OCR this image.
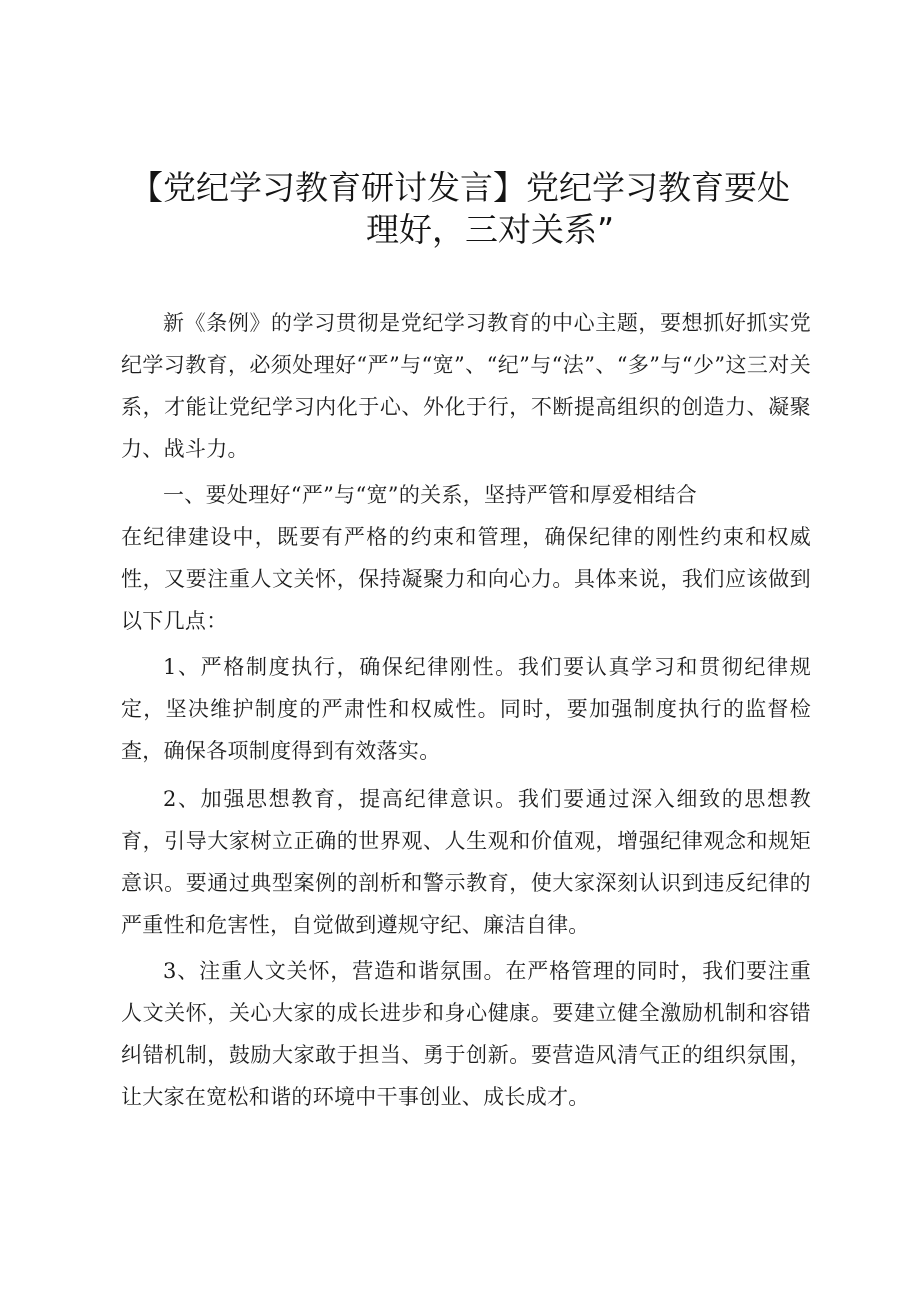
【党纪学习教育研讨发言】党纪学习教育要处
理好，三对关系”

新《条例》的学习贯彻是党纪学习教育的中心主题，要想抓好抓实党纪学习教育，必须处理好“严”与“宽”、“纪”与“法”、“多”与“少”这三对关系，才能让党纪学习内化于心、外化于行，不断提高组织的创造力、凝聚力、战斗力。

一、要处理好“严”与“宽”的关系，坚持严管和厚爱相结合

在纪律建设中，既要有严格的约束和管理，确保纪律的刚性约束和权威性，又要注重人文关怀，保持凝聚力和向心力。具体来说，我们应该做到以下几点：

1、严格制度执行，确保纪律刚性。我们要认真学习和贯彻纪律规定，坚决维护制度的严肃性和权威性。同时，要加强制度执行的监督检查，确保各项制度得到有效落实。

2、加强思想教育，提高纪律意识。我们要通过深入细致的思想教育，引导大家树立正确的世界观、人生观和价值观，增强纪律观念和规矩意识。要通过典型案例的剖析和警示教育，使大家深刻认识到违反纪律的严重性和危害性，自觉做到遵规守纪、廉洁自律。

3、注重人文关怀，营造和谐氛围。在严格管理的同时，我们要注重人文关怀，关心大家的成长进步和身心健康。要建立健全激励机制和容错纠错机制，鼓励大家敢于担当、勇于创新。要营造风清气正的组织氛围，让大家在宽松和谐的环境中干事创业、成长成才。
